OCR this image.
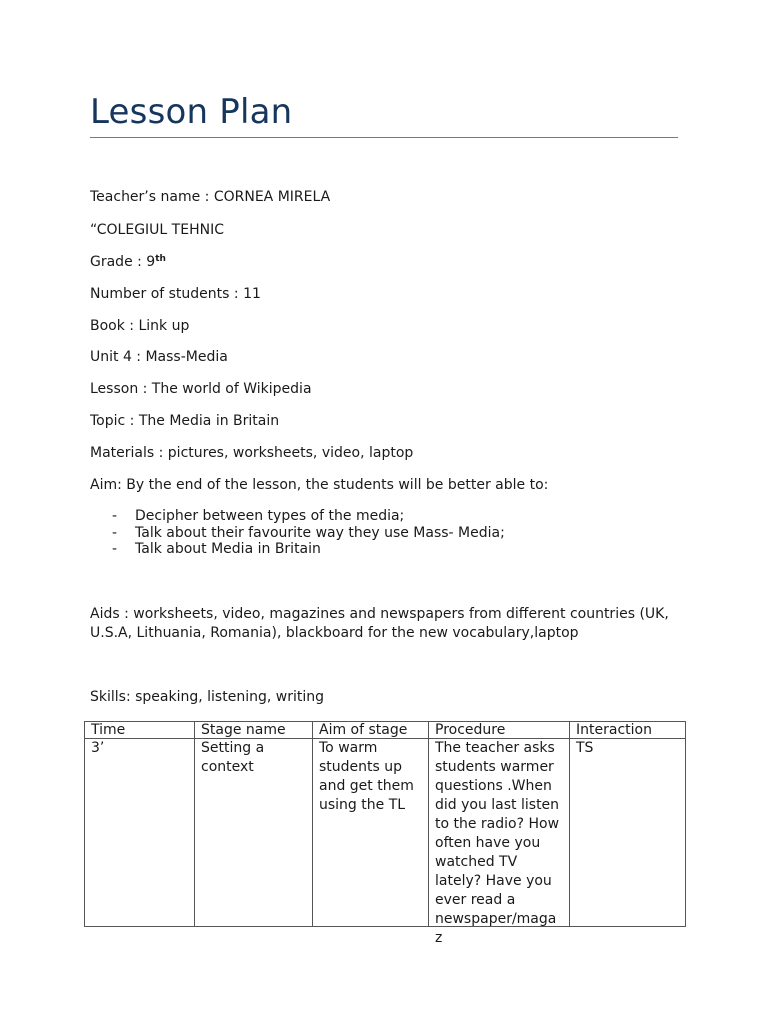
Lesson Plan
Teacher’s name : CORNEA MIRELA
“COLEGIUL TEHNIC
Grade : 9th
Number of students : 11
Book : Link up
Unit 4 : Mass-Media
Lesson : The world of Wikipedia
Topic : The Media in Britain
Materials : pictures, worksheets, video, laptop
Aim: By the end of the lesson, the students will be better able to:
- Decipher between types of the media;
- Talk about their favourite way they use Mass- Media;
- Talk about Media in Britain
Aids : worksheets, video, magazines and newspapers from different countries (UK, U.S.A, Lithuania, Romania), blackboard for the new vocabulary,laptop
Skills: speaking, listening, writing
Time	Stage name	Aim of stage	Procedure	Interaction

3’	Setting a context	To warm students up and get them using the TL	The teacher asks students warmer questions .When did you last listen to the radio? How often have you watched TV lately? Have you ever read a newspaper/magaz	TS
